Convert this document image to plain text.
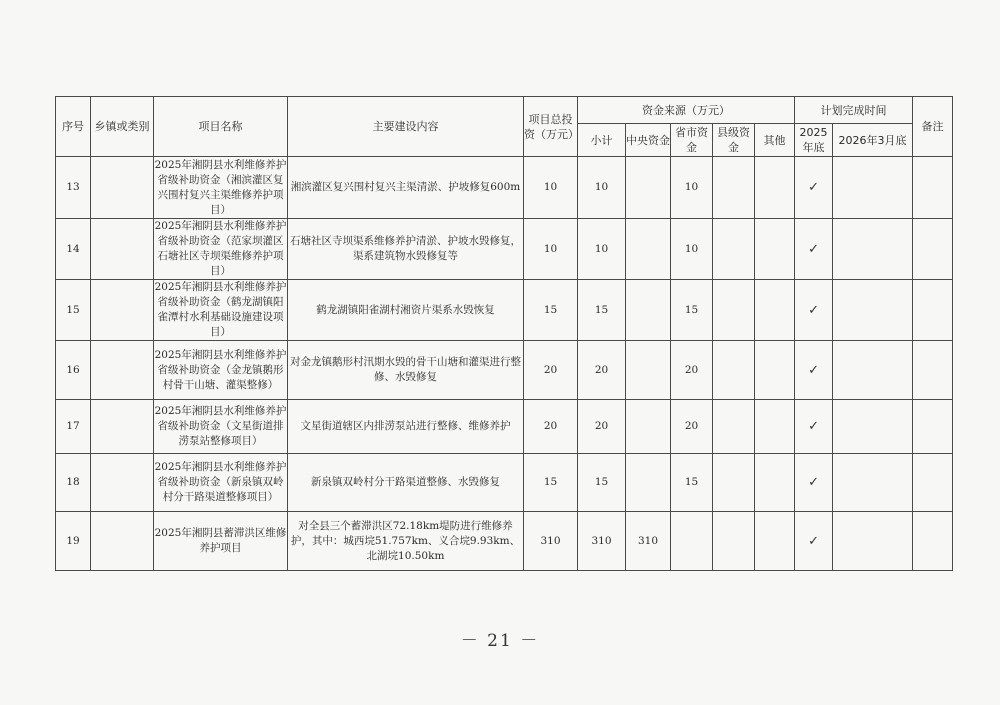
序号	乡镇或类别	项目名称	主要建设内容	项目总投资（万元）	资金来源（万元）					计划完成时间		备注
					小计	中央资金	省市资金	县级资金	其他	2025年底	2026年3月底	
13		2025年湘阴县水利维修养护省级补助资金（湘滨灌区复兴围村复兴主渠维修养护项目）	湘滨灌区复兴围村复兴主渠清淤、护坡修复600m	10	10		10			✓		
14		2025年湘阴县水利维修养护省级补助资金（范家坝灌区石塘社区寺坝渠维修养护项目）	石塘社区寺坝渠系维修养护清淤、护坡水毁修复，渠系建筑物水毁修复等	10	10		10			✓		
15		2025年湘阴县水利维修养护省级补助资金（鹤龙湖镇阳雀潭村水利基础设施建设项目）	鹤龙湖镇阳雀湖村湘资片渠系水毁恢复	15	15		15			✓		
16		2025年湘阴县水利维修养护省级补助资金（金龙镇鹅形村骨干山塘、灌渠整修）	对金龙镇鹅形村汛期水毁的骨干山塘和灌渠进行整修、水毁修复	20	20		20			✓		
17		2025年湘阴县水利维修养护省级补助资金（文星街道排涝泵站整修项目）	文星街道辖区内排涝泵站进行整修、维修养护	20	20		20			✓		
18		2025年湘阴县水利维修养护省级补助资金（新泉镇双岭村分干路渠道整修项目）	新泉镇双岭村分干路渠道整修、水毁修复	15	15		15			✓		
19		2025年湘阴县蓄滞洪区维修养护项目	对全县三个蓄滞洪区72.18km堤防进行维修养护，其中：城西垸51.757km、义合垸9.93km、北湖垸10.50km	310	310	310				✓		
－ 21 －
